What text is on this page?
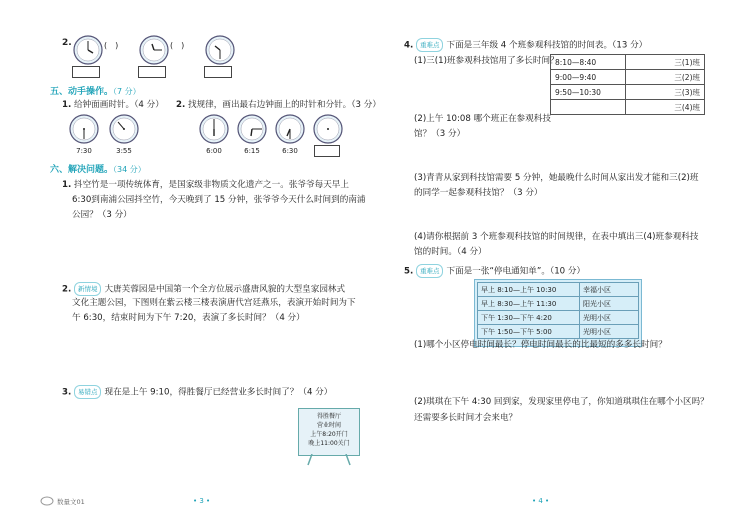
2.	(　)	(　)
五、动手操作。（7 分）
1. 给钟面画时针。（4 分） 2. 找规律，画出最右边钟面上的时针和分针。（3 分）
7:30	3:55	6:00	6:15	6:30
六、解决问题。（34 分）
1. 抖空竹是一项传统体育，是国家级非物质文化遗产之一。张爷爷每天早上
6:30到南浦公园抖空竹，今天晚到了 15 分钟，张爷爷今天什么时间到的南浦
公园？（3 分）
2. 新情境 大唐芙蓉园是中国第一个全方位展示盛唐风貌的大型皇家园林式
文化主题公园，下图则在紫云楼三楼表演唐代宫廷燕乐，表演开始时间为下
午 6:30，结束时间为下午 7:20，表演了多长时间？（4 分）
3. 易错点 现在是上午 9:10，得胜餐厅已经营业多长时间了？（4 分）
得胜餐厅
营业时间
上午8:20开门
晚上11:00关门
数量文01	• 3 •
4. 重难点 下面是三年级 4 个班参观科技馆的时间表。（13 分）
(1)三(1)班参观科技馆用了多长时间？
8:10—8:40	三(1)班
9:00—9:40	三(2)班
9:50—10:30	三(3)班
	三(4)班
(2)上午 10:08 哪个班正在参观科技
馆？（3 分）
(3)青青从家到科技馆需要 5 分钟，她最晚什么时间从家出发才能和三(2)班
的同学一起参观科技馆？（3 分）
(4)请你根据前 3 个班参观科技馆的时间规律，在表中填出三(4)班参观科技
馆的时间。（4 分）
5. 重难点 下面是一张“停电通知单”。（10 分）
早上 8:10—上午 10:30	幸福小区
早上 8:30—上午 11:30	阳光小区
下午 1:30—下午 4:20	光明小区
下午 1:50—下午 5:00	光明小区
(1)哪个小区停电时间最长？停电时间最长的比最短的多多长时间？
(2)琪琪在下午 4:30 回到家，发现家里停电了，你知道琪琪住在哪个小区吗？
还需要多长时间才会来电？
• 4 •
